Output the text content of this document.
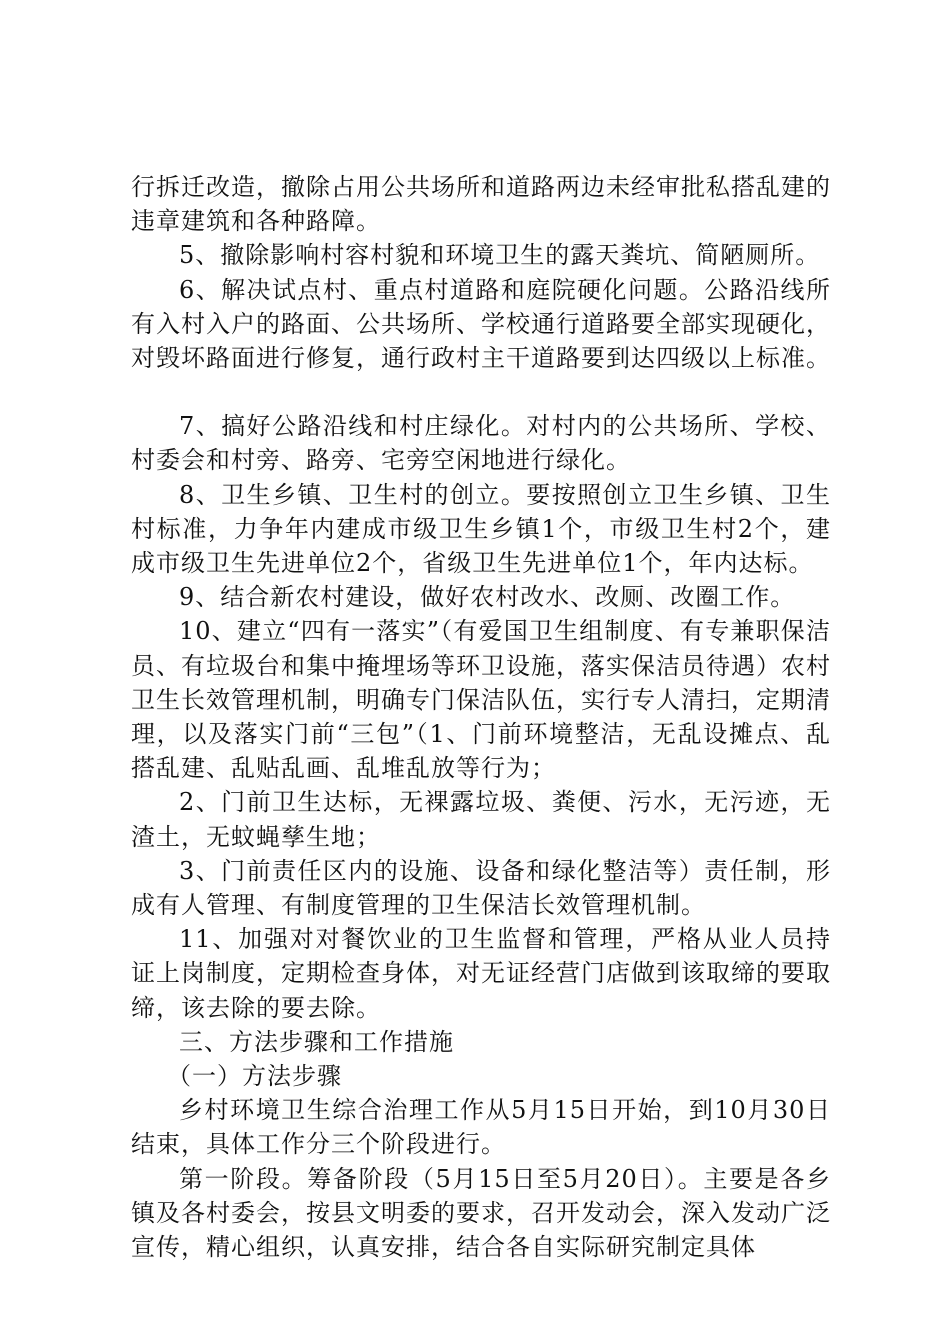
行拆迁改造，撤除占用公共场所和道路两边未经审批私搭乱建的违章建筑和各种路障。

5、撤除影响村容村貌和环境卫生的露天粪坑、简陋厕所。

6、解决试点村、重点村道路和庭院硬化问题。公路沿线所有入村入户的路面、公共场所、学校通行道路要全部实现硬化，对毁坏路面进行修复，通行政村主干道路要到达四级以上标准。

7、搞好公路沿线和村庄绿化。对村内的公共场所、学校、村委会和村旁、路旁、宅旁空闲地进行绿化。

8、卫生乡镇、卫生村的创立。要按照创立卫生乡镇、卫生村标准，力争年内建成市级卫生乡镇1个，市级卫生村2个，建成市级卫生先进单位2个，省级卫生先进单位1个，年内达标。

9、结合新农村建设，做好农村改水、改厕、改圈工作。

10、建立“四有一落实”（有爱国卫生组制度、有专兼职保洁员、有垃圾台和集中掩埋场等环卫设施，落实保洁员待遇）农村卫生长效管理机制，明确专门保洁队伍，实行专人清扫，定期清理，以及落实门前“三包”（1、门前环境整洁，无乱设摊点、乱搭乱建、乱贴乱画、乱堆乱放等行为；

2、门前卫生达标，无裸露垃圾、粪便、污水，无污迹，无渣土，无蚊蝇孳生地；

3、门前责任区内的设施、设备和绿化整洁等）责任制，形成有人管理、有制度管理的卫生保洁长效管理机制。

11、加强对对餐饮业的卫生监督和管理，严格从业人员持证上岗制度，定期检查身体，对无证经营门店做到该取缔的要取缔，该去除的要去除。

三、方法步骤和工作措施

（一）方法步骤

乡村环境卫生综合治理工作从5月15日开始，到10月30日结束，具体工作分三个阶段进行。

第一阶段。筹备阶段（5月15日至5月20日）。主要是各乡镇及各村委会，按县文明委的要求，召开发动会，深入发动广泛宣传，精心组织，认真安排，结合各自实际研究制定具体
